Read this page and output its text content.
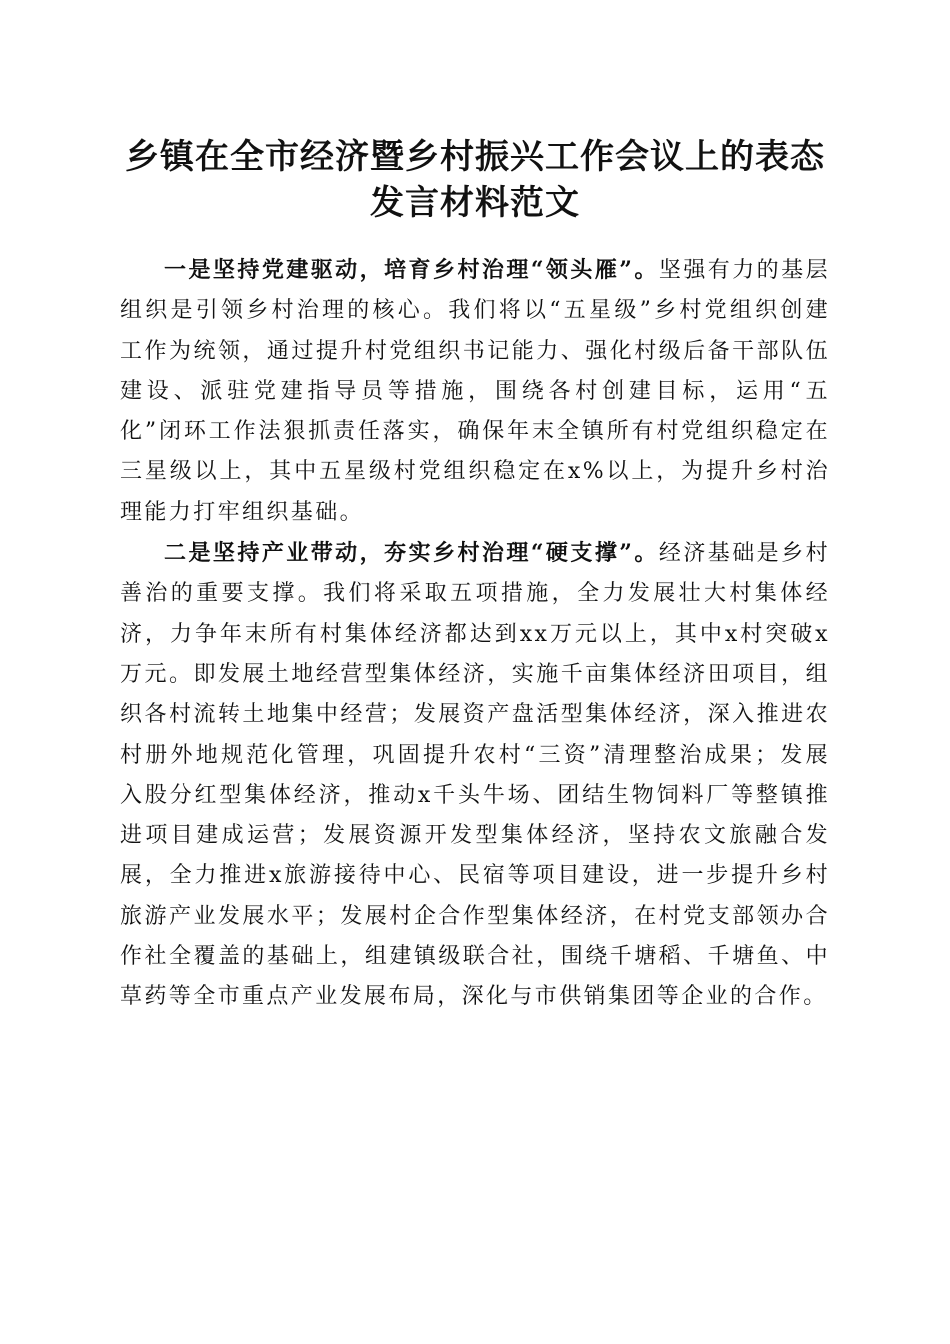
乡镇在全市经济暨乡村振兴工作会议上的表态
发言材料范文

一是坚持党建驱动，培育乡村治理“领头雁”。坚强有力的基层组织是引领乡村治理的核心。我们将以“五星级”乡村党组织创建工作为统领，通过提升村党组织书记能力、强化村级后备干部队伍建设、派驻党建指导员等措施，围绕各村创建目标，运用“五化”闭环工作法狠抓责任落实，确保年末全镇所有村党组织稳定在三星级以上，其中五星级村党组织稳定在x%以上，为提升乡村治理能力打牢组织基础。

二是坚持产业带动，夯实乡村治理“硬支撑”。经济基础是乡村善治的重要支撑。我们将采取五项措施，全力发展壮大村集体经济，力争年末所有村集体经济都达到xx万元以上，其中x村突破x万元。即发展土地经营型集体经济，实施千亩集体经济田项目，组织各村流转土地集中经营；发展资产盘活型集体经济，深入推进农村册外地规范化管理，巩固提升农村“三资”清理整治成果；发展入股分红型集体经济，推动x千头牛场、团结生物饲料厂等整镇推进项目建成运营；发展资源开发型集体经济，坚持农文旅融合发展，全力推进x旅游接待中心、民宿等项目建设，进一步提升乡村旅游产业发展水平；发展村企合作型集体经济，在村党支部领办合作社全覆盖的基础上，组建镇级联合社，围绕千塘稻、千塘鱼、中草药等全市重点产业发展布局，深化与市供销集团等企业的合作。
